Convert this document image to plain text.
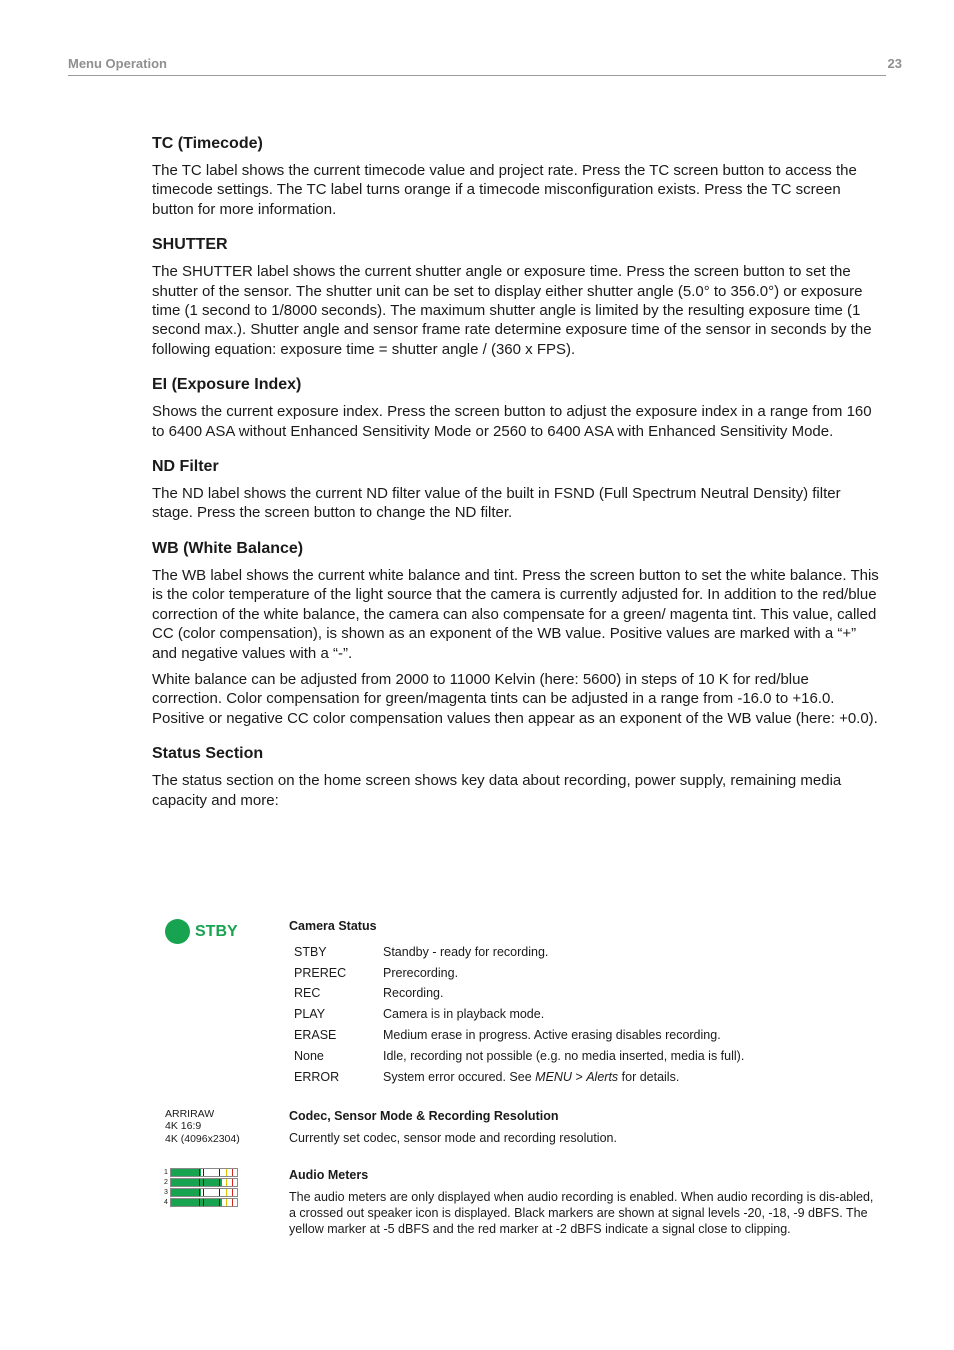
Menu Operation	23
TC (Timecode)

The TC label shows the current timecode value and project rate. Press the TC screen button to access the timecode settings. The TC label turns orange if a timecode misconfiguration exists. Press the TC screen button for more information.

SHUTTER

The SHUTTER label shows the current shutter angle or exposure time. Press the screen button to set the shutter of the sensor. The shutter unit can be set to display either shutter angle (5.0° to 356.0°) or exposure time (1 second to 1/8000 seconds). The maximum shutter angle is limited by the resulting exposure time (1 second max.). Shutter angle and sensor frame rate determine exposure time of the sensor in seconds by the following equation: exposure time = shutter angle / (360 x FPS).

EI (Exposure Index)

Shows the current exposure index. Press the screen button to adjust the exposure index in a range from 160 to 6400 ASA without Enhanced Sensitivity Mode or 2560 to 6400 ASA with Enhanced Sensitivity Mode.

ND Filter

The ND label shows the current ND filter value of the built in FSND (Full Spectrum Neutral Density) filter stage. Press the screen button to change the ND filter.

WB (White Balance)

The WB label shows the current white balance and tint. Press the screen button to set the white balance. This is the color temperature of the light source that the camera is currently adjusted for. In addition to the red/blue correction of the white balance, the camera can also compensate for a green/ magenta tint. This value, called CC (color compensation), is shown as an exponent of the WB value. Positive values are marked with a “+” and negative values with a “-”.

White balance can be adjusted from 2000 to 11000 Kelvin (here: 5600) in steps of 10 K for red/blue correction. Color compensation for green/magenta tints can be adjusted in a range from -16.0 to +16.0. Positive or negative CC color compensation values then appear as an exponent of the WB value (here: +0.0).

Status Section

The status section on the home screen shows key data about recording, power supply, remaining media capacity and more:

STBY	Camera Status

STBY	Standby - ready for recording.
PREREC	Prerecording.
REC	Recording.
PLAY	Camera is in playback mode.
ERASE	Medium erase in progress. Active erasing disables recording.
None	Idle, recording not possible (e.g. no media inserted, media is full).
ERROR	System error occured. See MENU > Alerts for details.
ARRIRAW
4K 16:9
4K (4096x2304)

Codec, Sensor Mode & Recording Resolution

Currently set codec, sensor mode and recording resolution.

1
2
3
4

Audio Meters

The audio meters are only displayed when audio recording is enabled. When audio recording is dis-abled, a crossed out speaker icon is displayed. Black markers are shown at signal levels -20, -18, -9 dBFS. The yellow marker at -5 dBFS and the red marker at -2 dBFS indicate a signal close to clipping.
